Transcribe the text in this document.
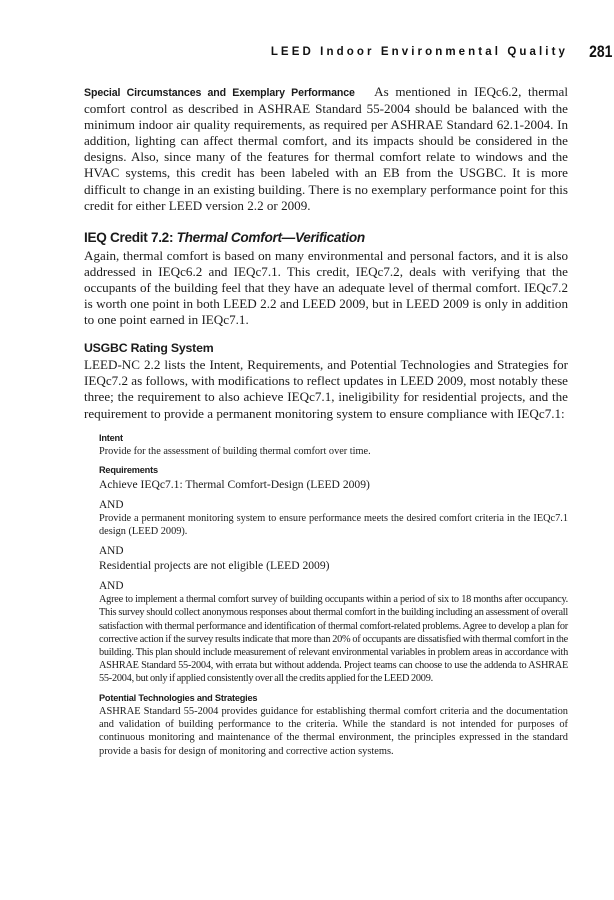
LEED Indoor Environmental Quality 281

Special Circumstances and Exemplary Performance As mentioned in IEQc6.2, thermal comfort control as described in ASHRAE Standard 55-2004 should be balanced with the minimum indoor air quality requirements, as required per ASHRAE Standard 62.1-2004. In addition, lighting can affect thermal comfort, and its impacts should be considered in the designs. Also, since many of the features for thermal comfort relate to windows and the HVAC systems, this credit has been labeled with an EB from the USGBC. It is more difficult to change in an existing building. There is no exemplary performance point for this credit for either LEED version 2.2 or 2009.

IEQ Credit 7.2: Thermal Comfort—Verification

Again, thermal comfort is based on many environmental and personal factors, and it is also addressed in IEQc6.2 and IEQc7.1. This credit, IEQc7.2, deals with verifying that the occupants of the building feel that they have an adequate level of thermal comfort. IEQc7.2 is worth one point in both LEED 2.2 and LEED 2009, but in LEED 2009 is only in addition to one point earned in IEQc7.1.

USGBC Rating System

LEED-NC 2.2 lists the Intent, Requirements, and Potential Technologies and Strategies for IEQc7.2 as follows, with modifications to reflect updates in LEED 2009, most notably these three; the requirement to also achieve IEQc7.1, ineligibility for residential projects, and the requirement to provide a permanent monitoring system to ensure compliance with IEQc7.1:

Intent

Provide for the assessment of building thermal comfort over time.

Requirements

Achieve IEQc7.1: Thermal Comfort-Design (LEED 2009)

AND

Provide a permanent monitoring system to ensure performance meets the desired comfort criteria in the IEQc7.1 design (LEED 2009).

AND

Residential projects are not eligible (LEED 2009)

AND

Agree to implement a thermal comfort survey of building occupants within a period of six to 18 months after occupancy. This survey should collect anonymous responses about thermal comfort in the building including an assessment of overall satisfaction with thermal performance and identification of thermal comfort-related problems. Agree to develop a plan for corrective action if the survey results indicate that more than 20% of occupants are dissatisfied with thermal comfort in the building. This plan should include measurement of relevant environmental variables in problem areas in accordance with ASHRAE Standard 55-2004, with errata but without addenda. Project teams can choose to use the addenda to ASHRAE 55-2004, but only if applied consistently over all the credits applied for the LEED 2009.

Potential Technologies and Strategies

ASHRAE Standard 55-2004 provides guidance for establishing thermal comfort criteria and the documentation and validation of building performance to the criteria. While the standard is not intended for purposes of continuous monitoring and maintenance of the thermal environment, the principles expressed in the standard provide a basis for design of monitoring and corrective action systems.
